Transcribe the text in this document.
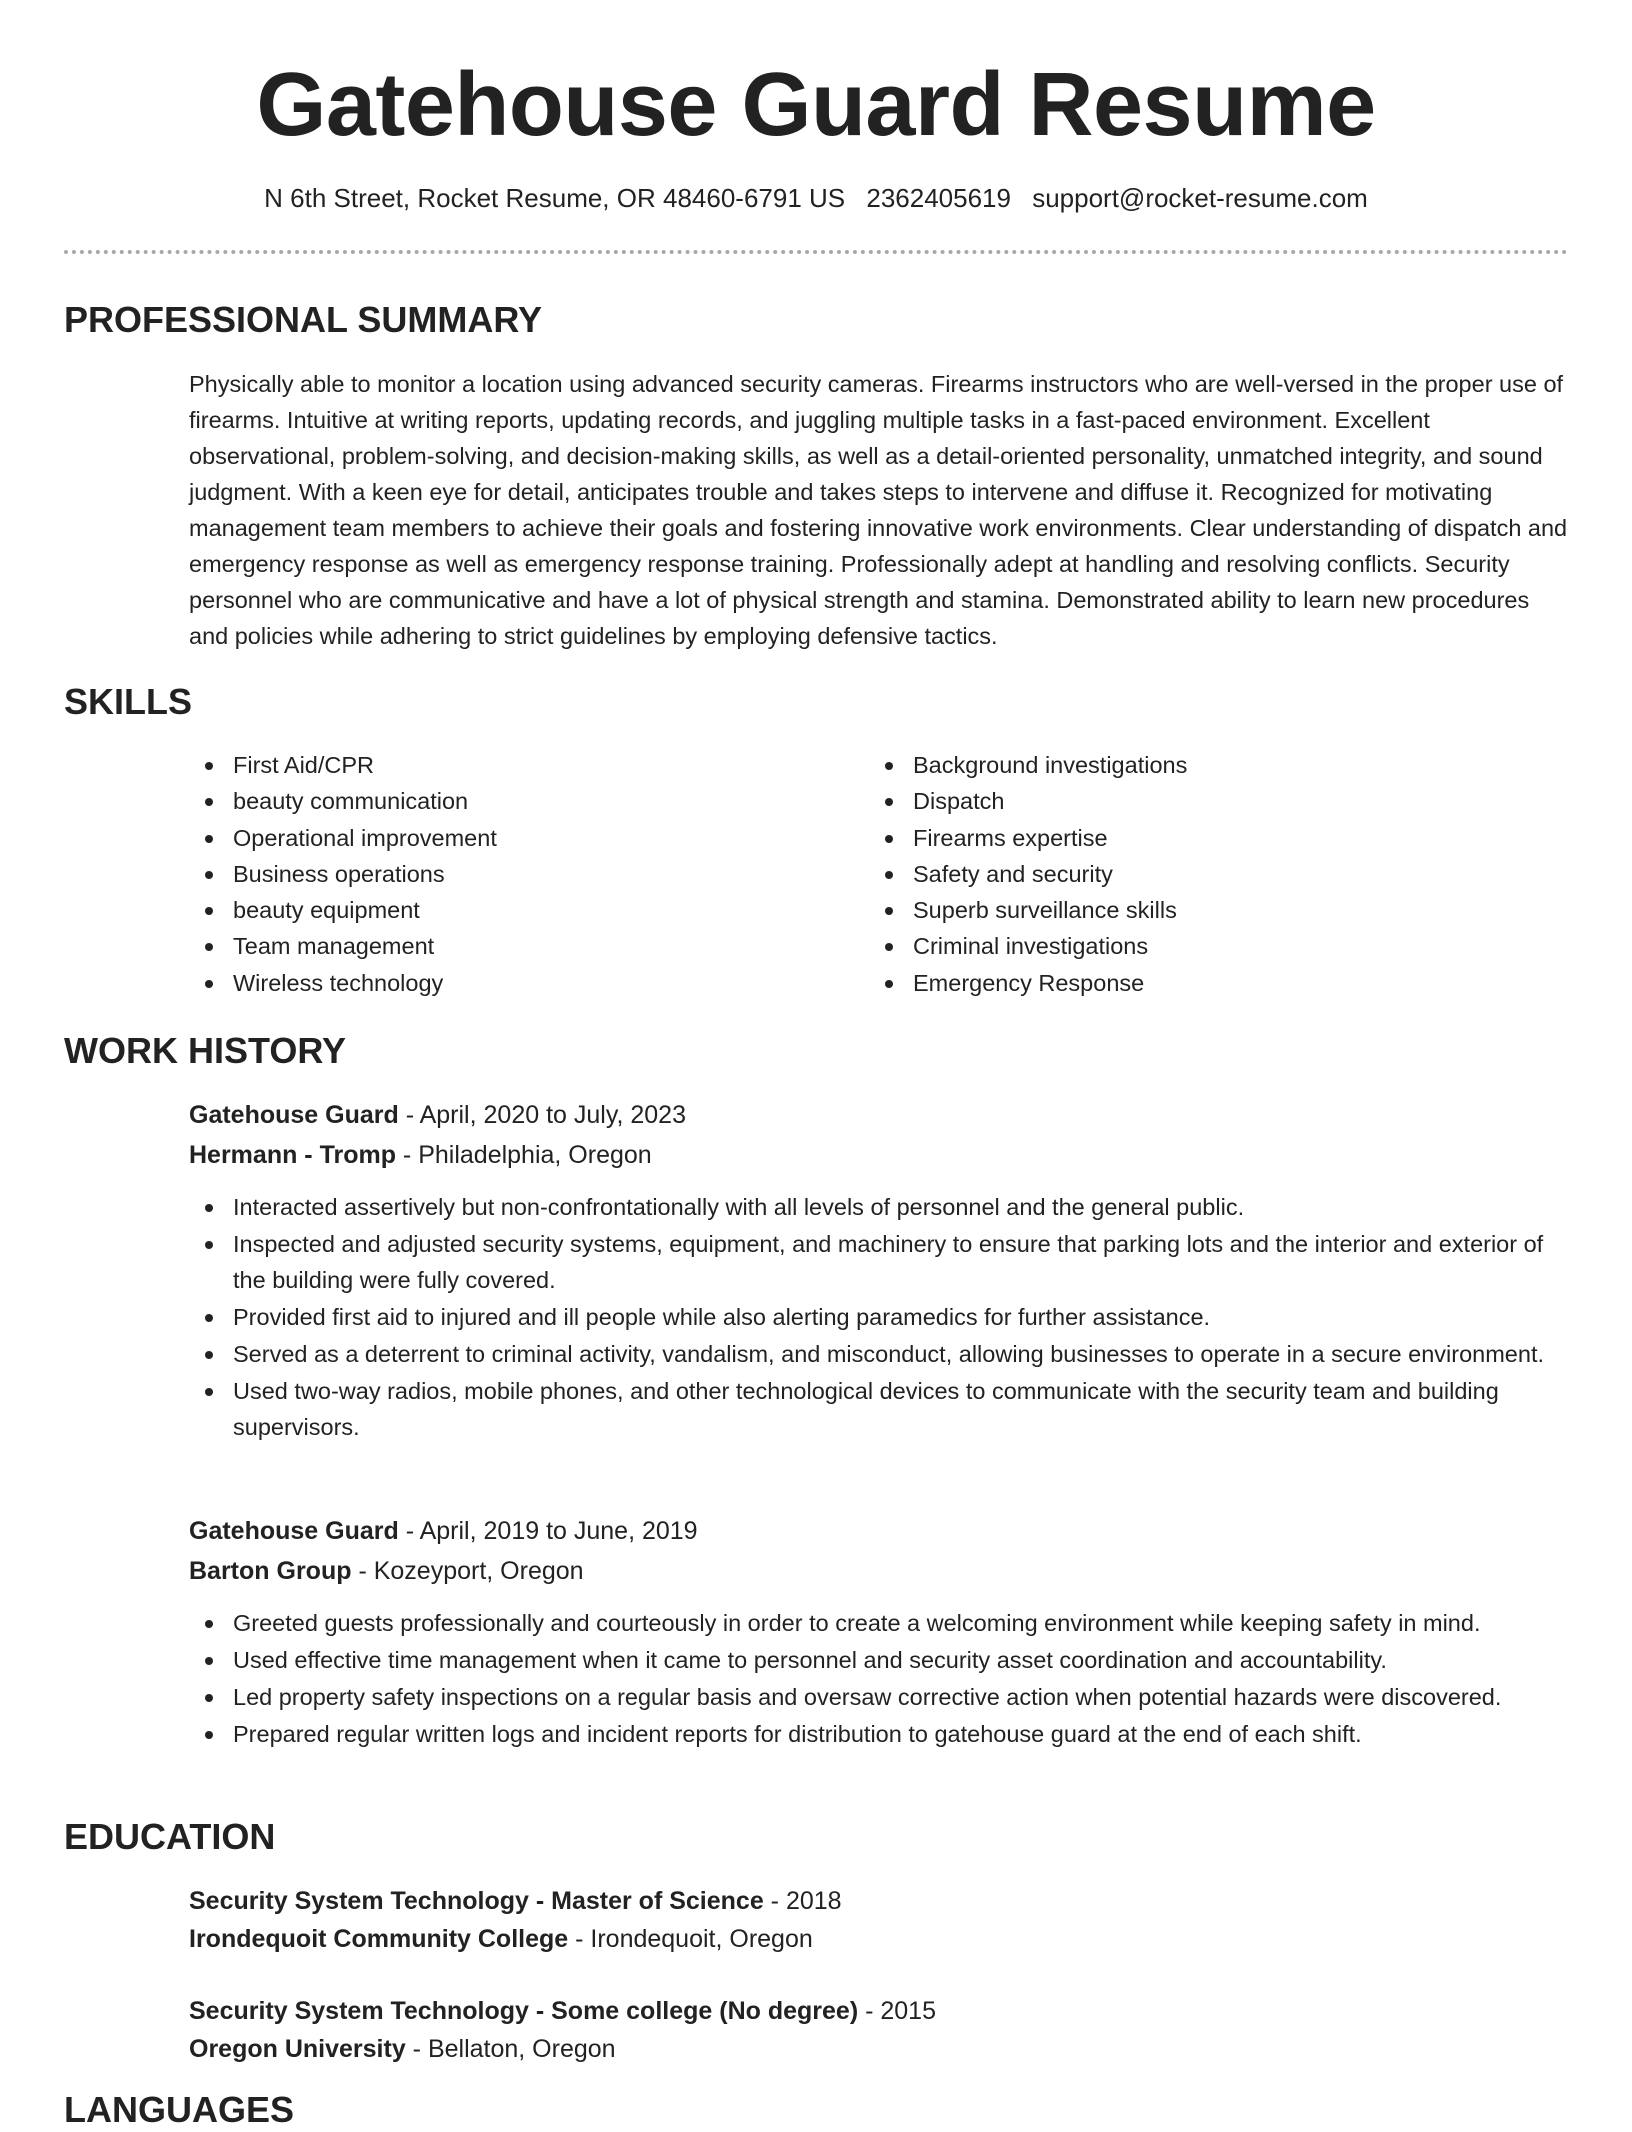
Gatehouse Guard Resume
N 6th Street, Rocket Resume, OR 48460-6791 US 2362405619 support@rocket-resume.com
PROFESSIONAL SUMMARY

Physically able to monitor a location using advanced security cameras. Firearms instructors who are well-versed in the proper use of firearms. Intuitive at writing reports, updating records, and juggling multiple tasks in a fast-paced environment. Excellent observational, problem-solving, and decision-making skills, as well as a detail-oriented personality, unmatched integrity, and sound judgment. With a keen eye for detail, anticipates trouble and takes steps to intervene and diffuse it. Recognized for motivating management team members to achieve their goals and fostering innovative work environments. Clear understanding of dispatch and emergency response as well as emergency response training. Professionally adept at handling and resolving conflicts. Security personnel who are communicative and have a lot of physical strength and stamina. Demonstrated ability to learn new procedures and policies while adhering to strict guidelines by employing defensive tactics.

SKILLS
First Aid/CPR
beauty communication
Operational improvement
Business operations
beauty equipment
Team management
Wireless technology
Background investigations
Dispatch
Firearms expertise
Safety and security
Superb surveillance skills
Criminal investigations
Emergency Response
WORK HISTORY
Gatehouse Guard - April, 2020 to July, 2023
Hermann - Tromp - Philadelphia, Oregon
Interacted assertively but non-confrontationally with all levels of personnel and the general public.
Inspected and adjusted security systems, equipment, and machinery to ensure that parking lots and the interior and exterior of the building were fully covered.
Provided first aid to injured and ill people while also alerting paramedics for further assistance.
Served as a deterrent to criminal activity, vandalism, and misconduct, allowing businesses to operate in a secure environment.
Used two-way radios, mobile phones, and other technological devices to communicate with the security team and building supervisors.
Gatehouse Guard - April, 2019 to June, 2019
Barton Group - Kozeyport, Oregon
Greeted guests professionally and courteously in order to create a welcoming environment while keeping safety in mind.
Used effective time management when it came to personnel and security asset coordination and accountability.
Led property safety inspections on a regular basis and oversaw corrective action when potential hazards were discovered.
Prepared regular written logs and incident reports for distribution to gatehouse guard at the end of each shift.
EDUCATION
Security System Technology - Master of Science - 2018
Irondequoit Community College - Irondequoit, Oregon
Security System Technology - Some college (No degree) - 2015
Oregon University - Bellaton, Oregon
LANGUAGES
